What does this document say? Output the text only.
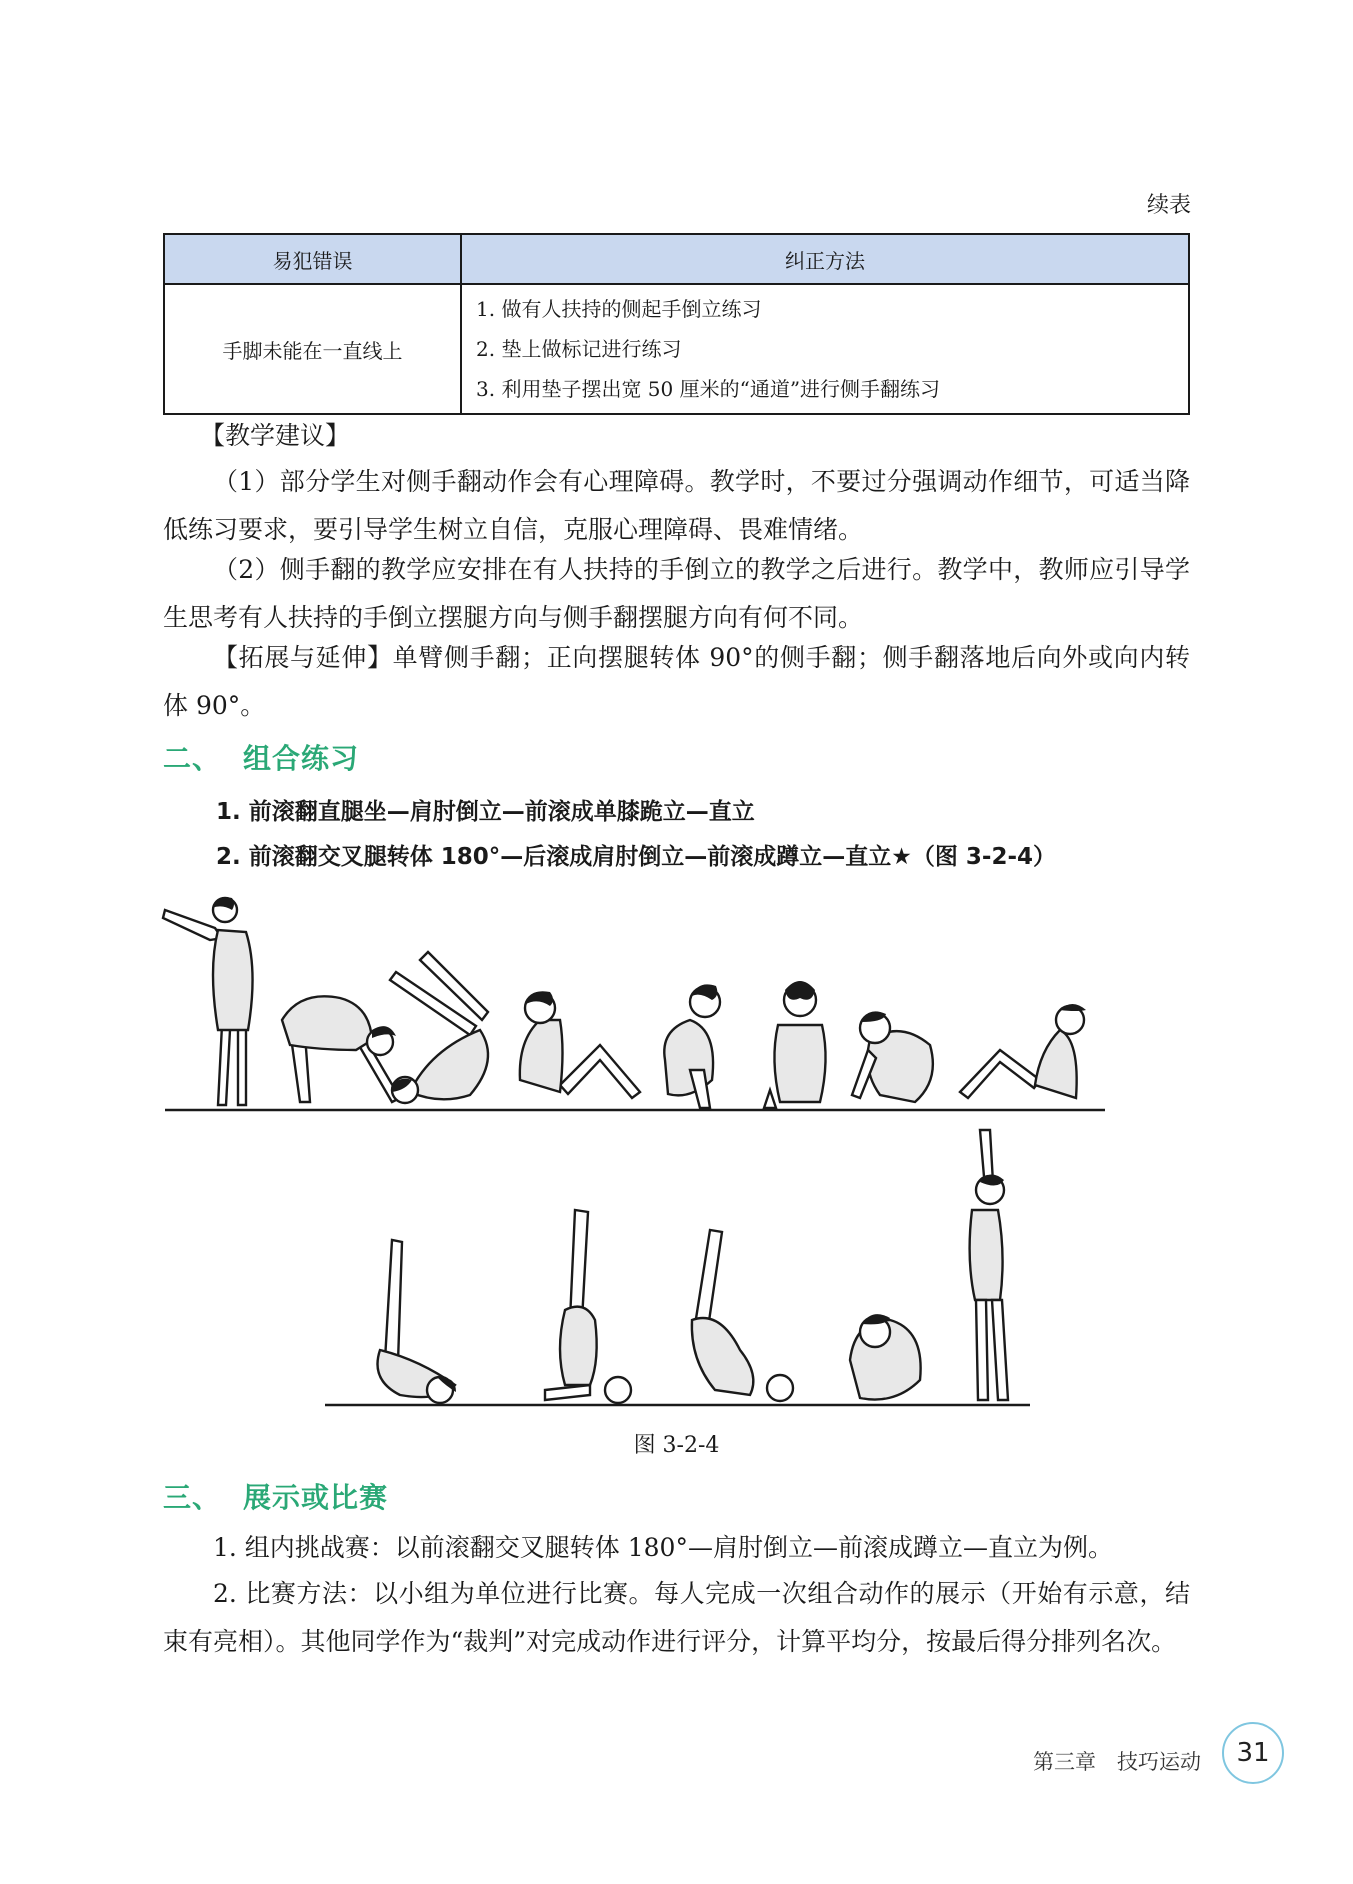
续表
易犯错误	纠正方法
手脚未能在一直线上	1. 做有人扶持的侧起手倒立练习
2. 垫上做标记进行练习
3. 利用垫子摆出宽 50 厘米的“通道”进行侧手翻练习
【教学建议】
（1）部分学生对侧手翻动作会有心理障碍。教学时，不要过分强调动作细节，可适当降低练习要求，要引导学生树立自信，克服心理障碍、畏难情绪。
（2）侧手翻的教学应安排在有人扶持的手倒立的教学之后进行。教学中，教师应引导学生思考有人扶持的手倒立摆腿方向与侧手翻摆腿方向有何不同。
【拓展与延伸】单臂侧手翻；正向摆腿转体 90°的侧手翻；侧手翻落地后向外或向内转体 90°。
二、 组合练习
1. 前滚翻直腿坐—肩肘倒立—前滚成单膝跪立—直立
2. 前滚翻交叉腿转体 180°—后滚成肩肘倒立—前滚成蹲立—直立★（图 3-2-4）
图 3-2-4
三、 展示或比赛
1. 组内挑战赛：以前滚翻交叉腿转体 180°—肩肘倒立—前滚成蹲立—直立为例。
2. 比赛方法：以小组为单位进行比赛。每人完成一次组合动作的展示（开始有示意，结束有亮相）。其他同学作为“裁判”对完成动作进行评分，计算平均分，按最后得分排列名次。
第三章　技巧运动	31
